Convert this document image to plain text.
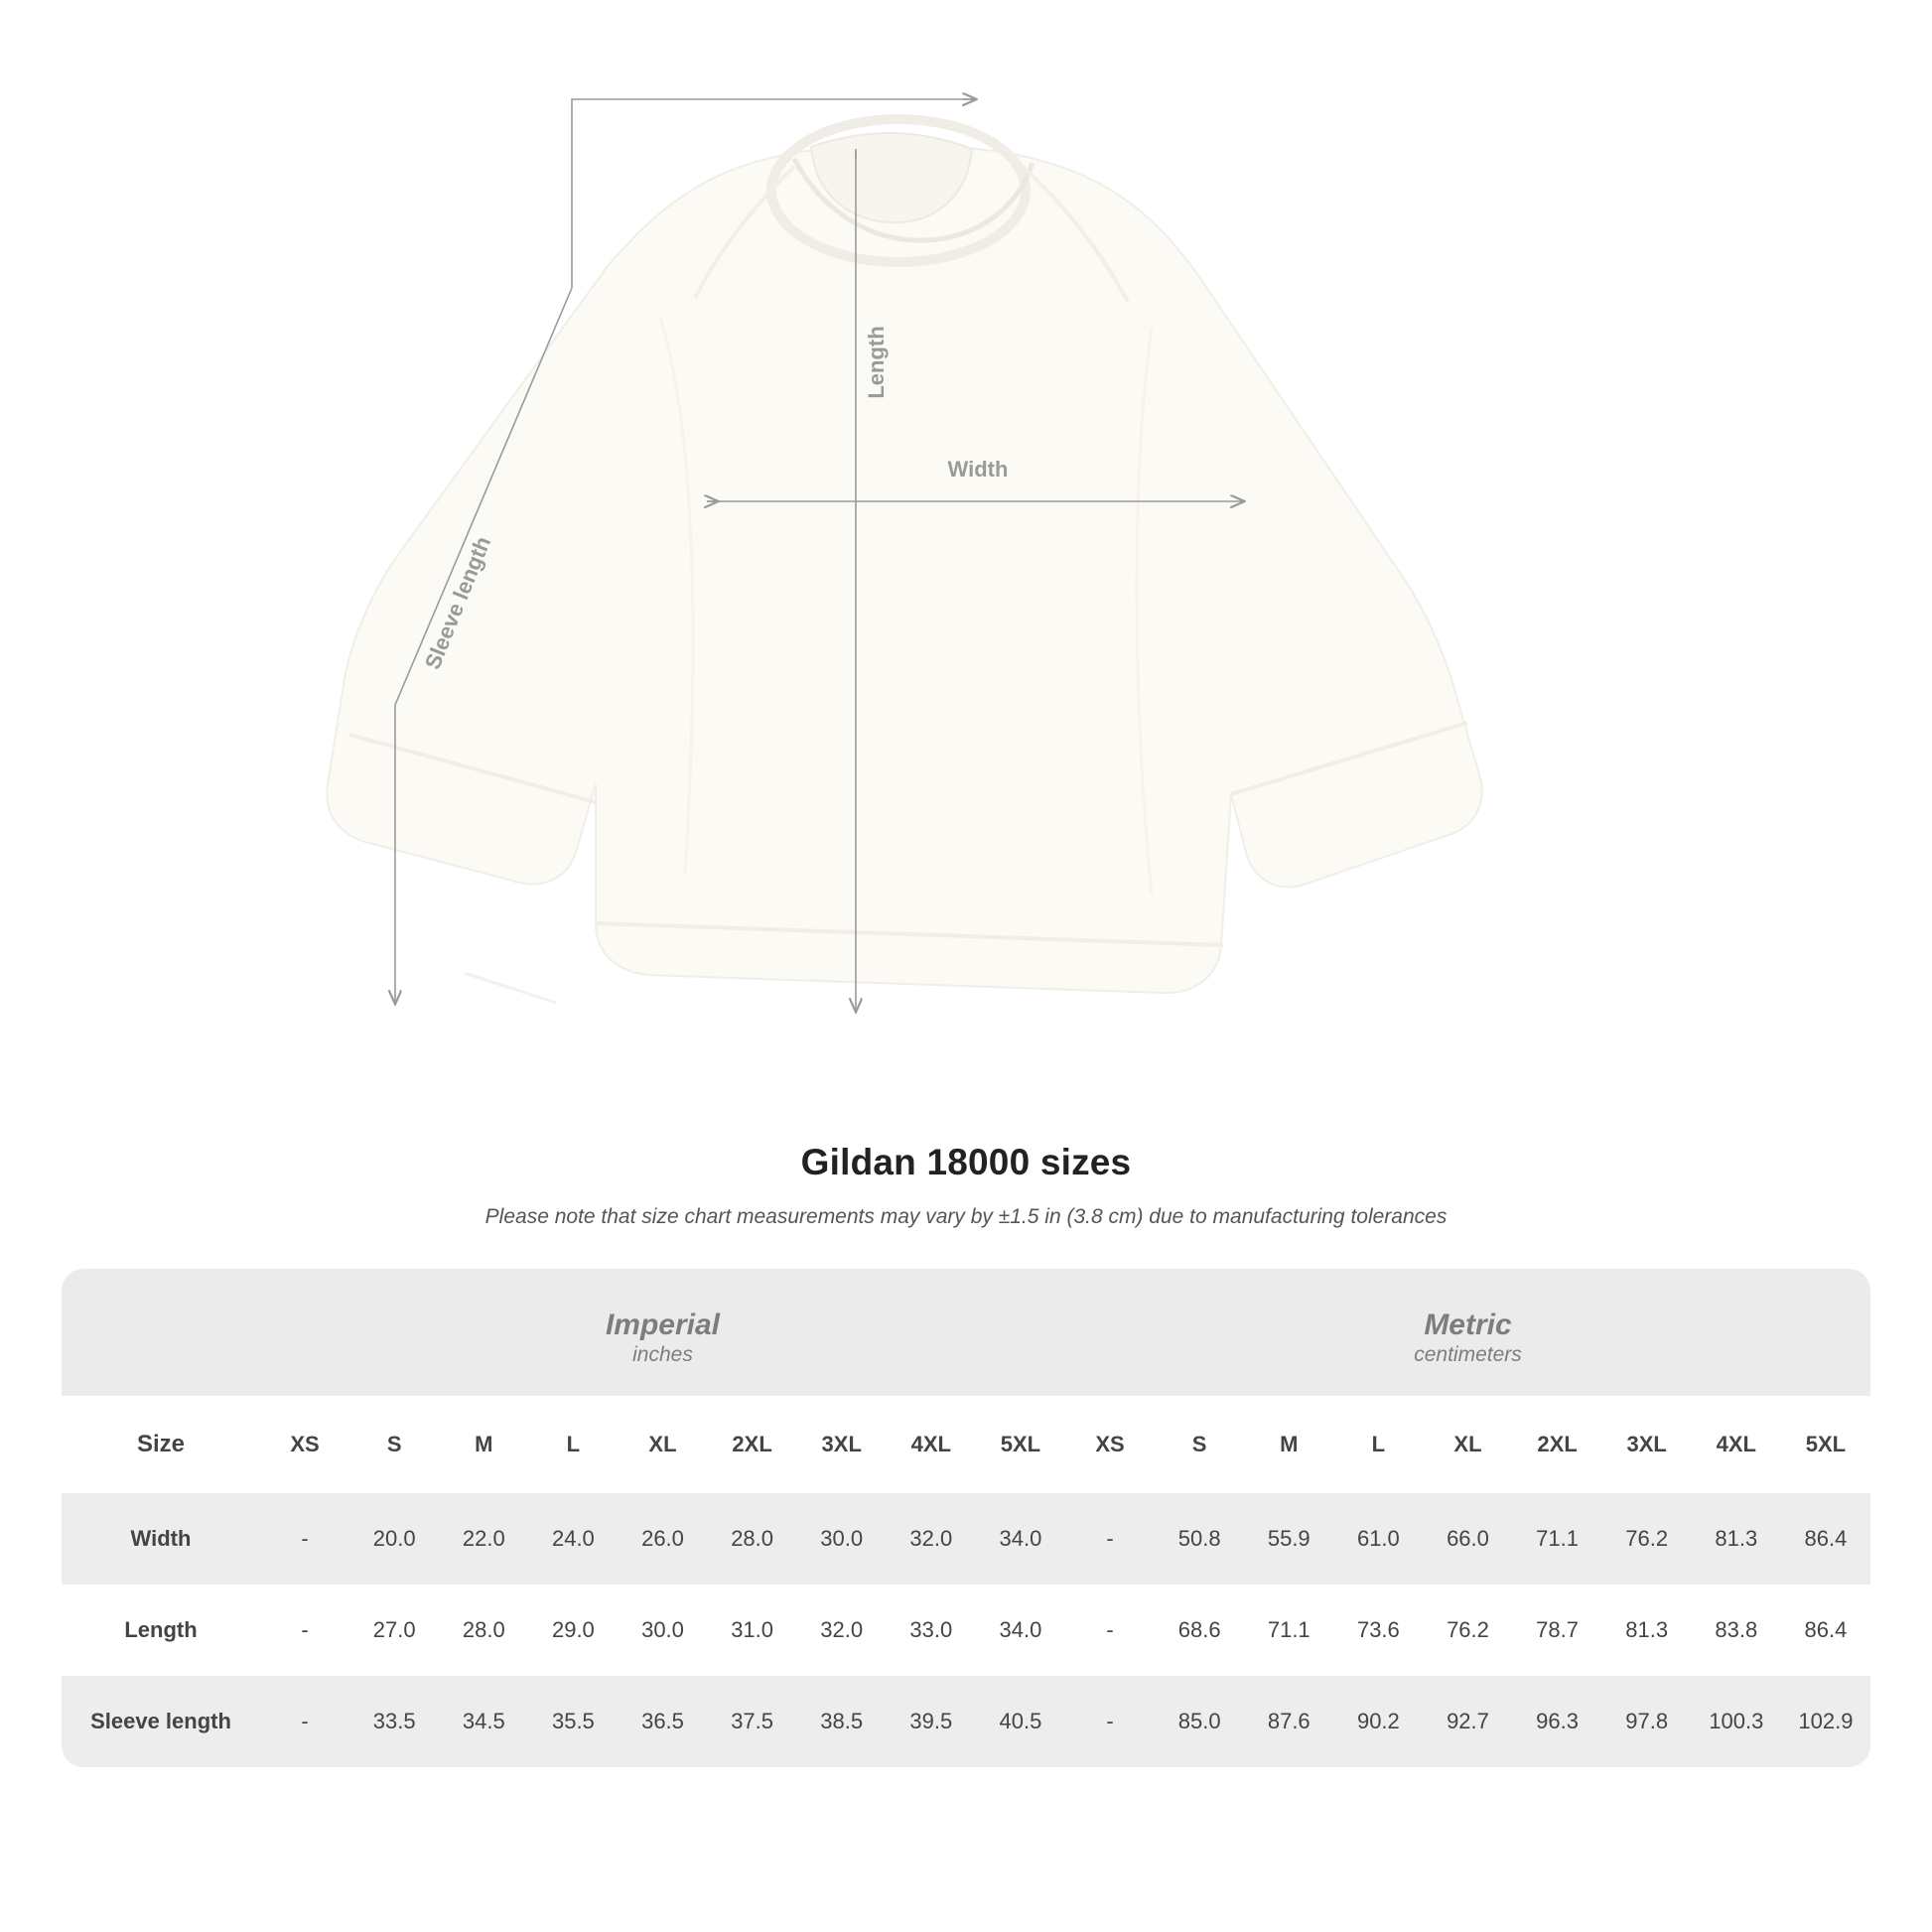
Length
Width
Sleeve length
Gildan 18000 sizes
Please note that size chart measurements may vary by ±1.5 in (3.8 cm) due to manufacturing tolerances

Imperial
inches

Metric
centimeters

Size	XS	S	M	L	XL	2XL	3XL	4XL	5XL	XS	S	M	L	XL	2XL	3XL	4XL	5XL
Width	-	20.0	22.0	24.0	26.0	28.0	30.0	32.0	34.0	-	50.8	55.9	61.0	66.0	71.1	76.2	81.3	86.4
Length	-	27.0	28.0	29.0	30.0	31.0	32.0	33.0	34.0	-	68.6	71.1	73.6	76.2	78.7	81.3	83.8	86.4
Sleeve length	-	33.5	34.5	35.5	36.5	37.5	38.5	39.5	40.5	-	85.0	87.6	90.2	92.7	96.3	97.8	100.3	102.9
